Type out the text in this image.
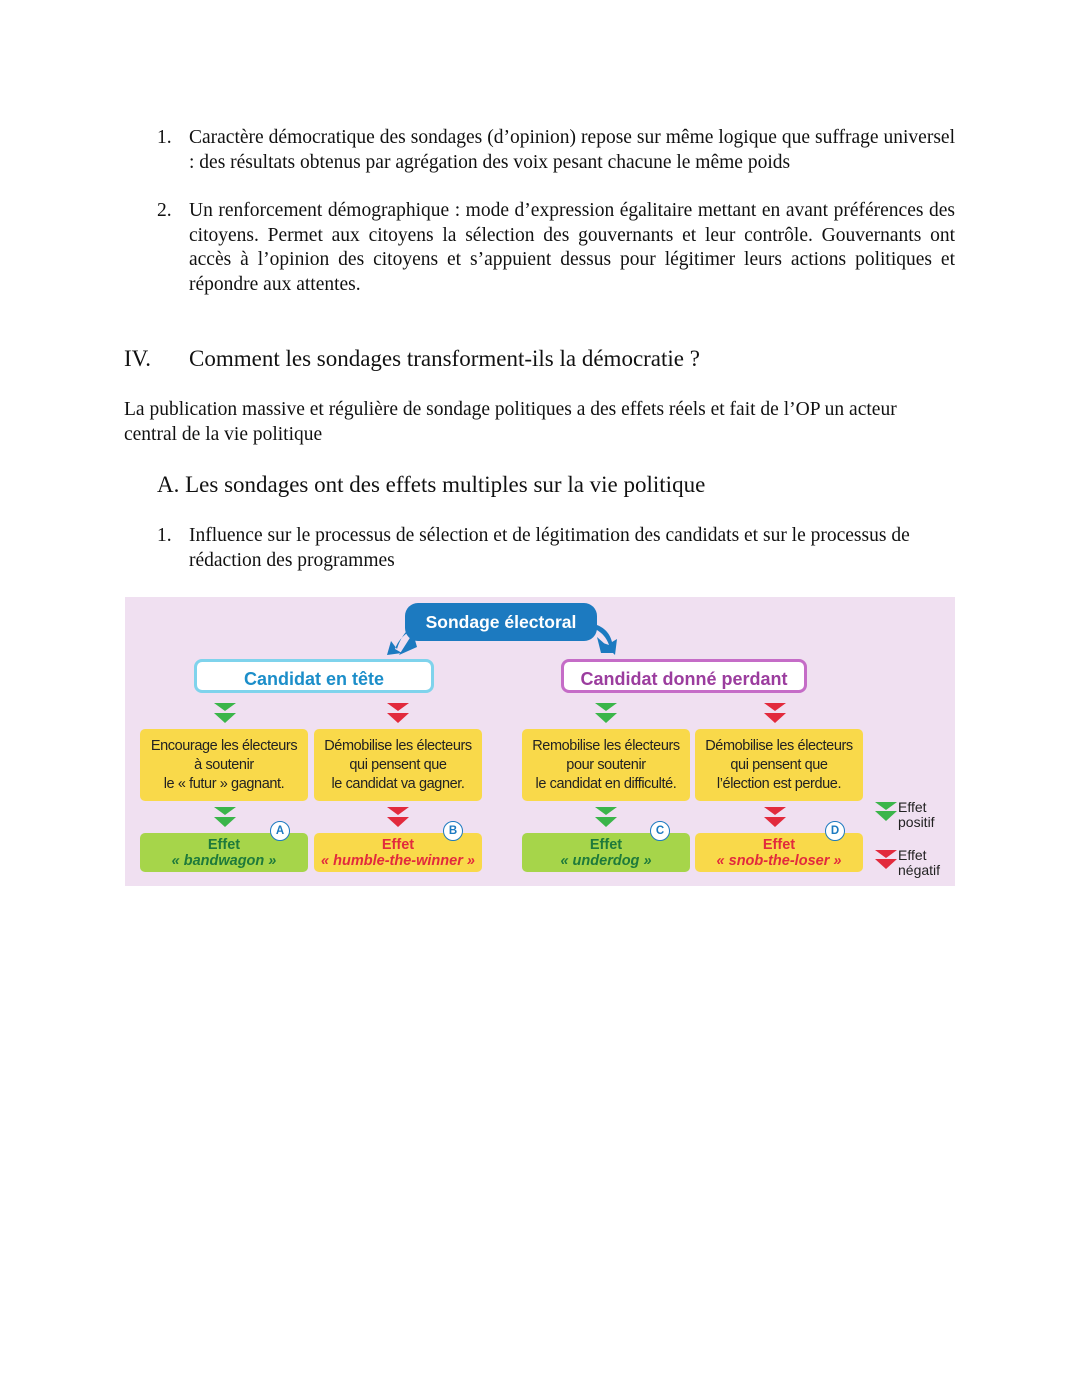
1. Caractère démocratique des sondages (d’opinion) repose sur même logique que suffrage universel : des résultats obtenus par agrégation des voix pesant chacune le même poids
2. Un renforcement démographique : mode d’expression égalitaire mettant en avant préférences des citoyens. Permet aux citoyens la sélection des gouvernants et leur contrôle. Gouvernants ont accès à l’opinion des citoyens et s’appuient dessus pour légitimer leurs actions politiques et répondre aux attentes.
IV. Comment les sondages transforment-ils la démocratie ?
La publication massive et régulière de sondage politiques a des effets réels et fait de l’OP un acteur central de la vie politique
A. Les sondages ont des effets multiples sur la vie politique
1. Influence sur le processus de sélection et de légitimation des candidats et sur le processus de rédaction des programmes
Sondage électoral
Candidat en tête	Candidat donné perdant
Encourage les électeurs
à soutenir
le « futur » gagnant.
Démobilise les électeurs
qui pensent que
le candidat va gagner.
Remobilise les électeurs
pour soutenir
le candidat en difficulté.
Démobilise les électeurs
qui pensent que
l’élection est perdue.
Effet
« bandwagon »
A
Effet
« humble-the-winner »
B
Effet
« underdog »
C
Effet
« snob-the-loser »
D
Effet
positif
Effet
négatif
